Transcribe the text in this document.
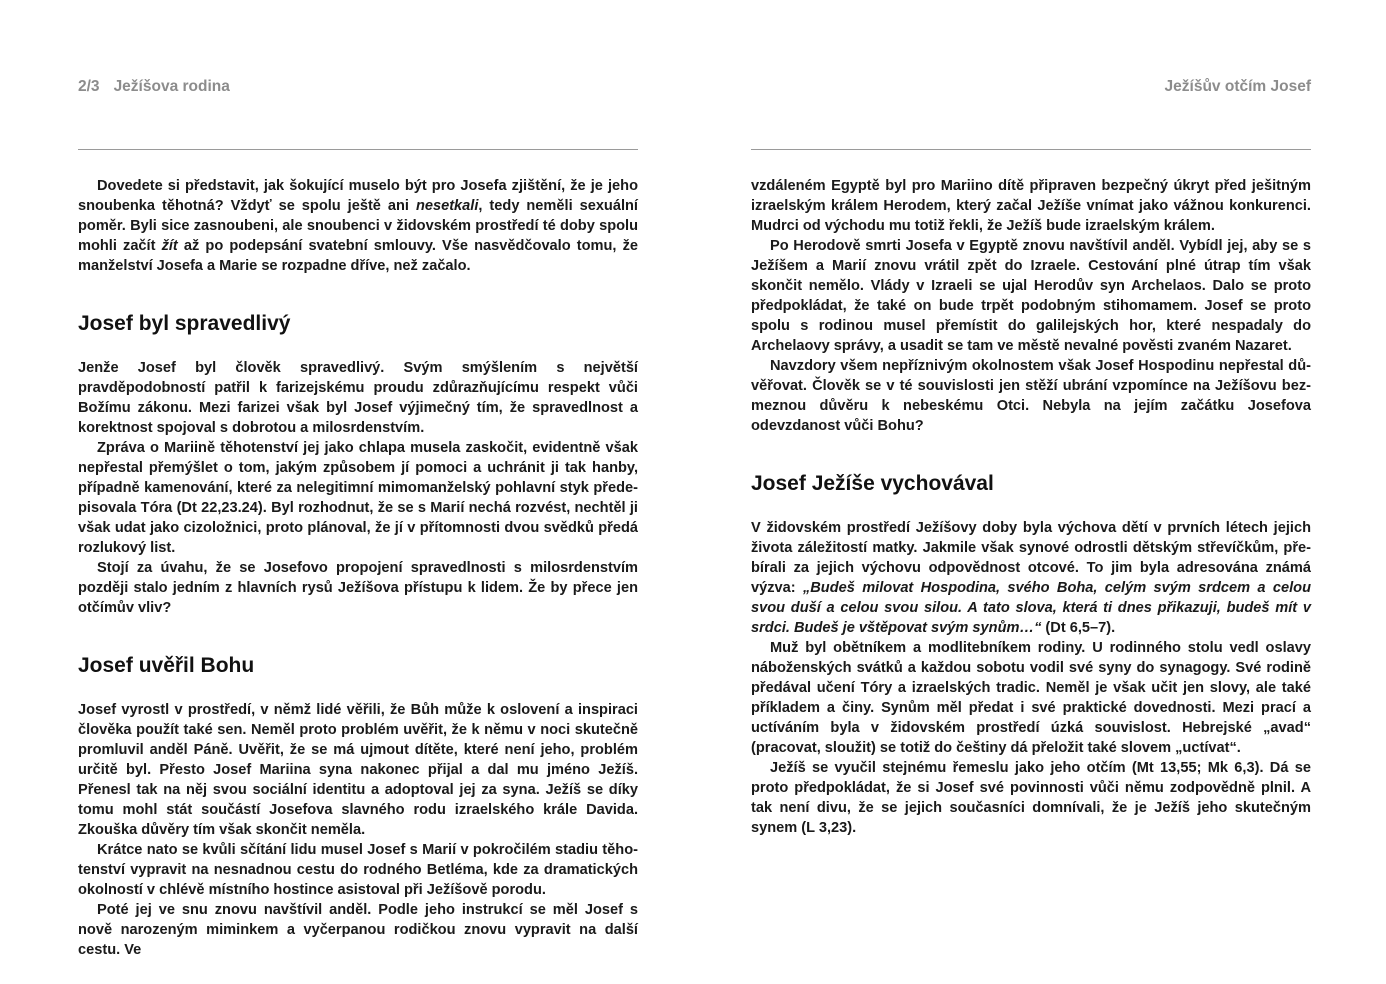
2/3 Ježíšova rodina

Dovedete si představit, jak šokující muselo být pro Josefa zjištění, že je jeho snoubenka těhotná? Vždyť se spolu ještě ani nesetkali, tedy neměli sexuální poměr. Byli sice zasnoubeni, ale snoubenci v židovském prostředí té doby spolu mohli začít žít až po podepsání svatební smlouvy. Vše nasvědčovalo tomu, že manželství Josefa a Marie se rozpadne dříve, než začalo.

Josef byl spravedlivý

Jenže Josef byl člověk spravedlivý. Svým smýšlením s největší pravděpodobností patřil k farizejskému proudu zdůrazňujícímu respekt vůči Božímu zákonu. Mezi farizei však byl Josef výjimečný tím, že spravedlnost a korektnost spojoval s dobrotou a milosrdenstvím.

Zpráva o Mariině těhotenství jej jako chlapa musela zaskočit, evidentně však nepřestal přemýšlet o tom, jakým způsobem jí pomoci a uchránit ji tak hanby, případně kamenování, které za nelegitimní mimomanželský pohlavní styk předepisovala Tóra (Dt 22,23.24). Byl rozhodnut, že se s Marií nechá rozvést, nechtěl ji však udat jako cizoložnici, proto plánoval, že jí v přítomnosti dvou svědků předá rozlukový list.

Stojí za úvahu, že se Josefovo propojení spravedlnosti s milosrdenstvím později stalo jedním z hlavních rysů Ježíšova přístupu k lidem. Že by přece jen otčímův vliv?

Josef uvěřil Bohu

Josef vyrostl v prostředí, v němž lidé věřili, že Bůh může k oslovení a inspiraci člověka použít také sen. Neměl proto problém uvěřit, že k němu v noci skutečně promluvil anděl Páně. Uvěřit, že se má ujmout dítěte, které není jeho, problém určitě byl. Přesto Josef Mariina syna nakonec přijal a dal mu jméno Ježíš. Přenesl tak na něj svou sociální identitu a adoptoval jej za syna. Ježíš se díky tomu mohl stát součástí Josefova slavného rodu izraelského krále Davida. Zkouška důvěry tím však skončit neměla.

Krátce nato se kvůli sčítání lidu musel Josef s Marií v pokročilém stadiu těhotenství vypravit na nesnadnou cestu do rodného Betléma, kde za dramatických okolností v chlévě místního hostince asistoval při Ježíšově porodu.

Poté jej ve snu znovu navštívil anděl. Podle jeho instrukcí se měl Josef s nově narozeným miminkem a vyčerpanou rodičkou znovu vypravit na další cestu. Ve

Ježíšův otčím Josef

vzdáleném Egyptě byl pro Mariino dítě připraven bezpečný úkryt před ješitným izraelským králem Herodem, který začal Ježíše vnímat jako vážnou konkurenci. Mudrci od východu mu totiž řekli, že Ježíš bude izraelským králem.

Po Herodově smrti Josefa v Egyptě znovu navštívil anděl. Vybídl jej, aby se s Ježíšem a Marií znovu vrátil zpět do Izraele. Cestování plné útrap tím však skončit nemělo. Vlády v Izraeli se ujal Herodův syn Archelaos. Dalo se proto předpokládat, že také on bude trpět podobným stihomamem. Josef se proto spolu s rodinou musel přemístit do galilejských hor, které nespadaly do Archelaovy správy, a usadit se tam ve městě nevalné pověsti zvaném Nazaret.

Navzdory všem nepříznivým okolnostem však Josef Hospodinu nepřestal důvěřovat. Člověk se v té souvislosti jen stěží ubrání vzpomínce na Ježíšovu bezmeznou důvěru k nebeskému Otci. Nebyla na jejím začátku Josefova odevzdanost vůči Bohu?

Josef Ježíše vychovával

V židovském prostředí Ježíšovy doby byla výchova dětí v prvních létech jejich života záležitostí matky. Jakmile však synové odrostli dětským střevíčkům, přebírali za jejich výchovu odpovědnost otcové. To jim byla adresována známá výzva: „Budeš milovat Hospodina, svého Boha, celým svým srdcem a celou svou duší a celou svou silou. A tato slova, která ti dnes přikazuji, budeš mít v srdci. Budeš je vštěpovat svým synům…“ (Dt 6,5–7).

Muž byl obětníkem a modlitebníkem rodiny. U rodinného stolu vedl oslavy náboženských svátků a každou sobotu vodil své syny do synagogy. Své rodině předával učení Tóry a izraelských tradic. Neměl je však učit jen slovy, ale také příkladem a činy. Synům měl předat i své praktické dovednosti. Mezi prací a uctíváním byla v židovském prostředí úzká souvislost. Hebrejské „avad“ (pracovat, sloužit) se totiž do češtiny dá přeložit také slovem „uctívat“.

Ježíš se vyučil stejnému řemeslu jako jeho otčím (Mt 13,55; Mk 6,3). Dá se proto předpokládat, že si Josef své povinnosti vůči němu zodpovědně plnil. A tak není divu, že se jejich současníci domnívali, že je Ježíš jeho skutečným synem (L 3,23).
